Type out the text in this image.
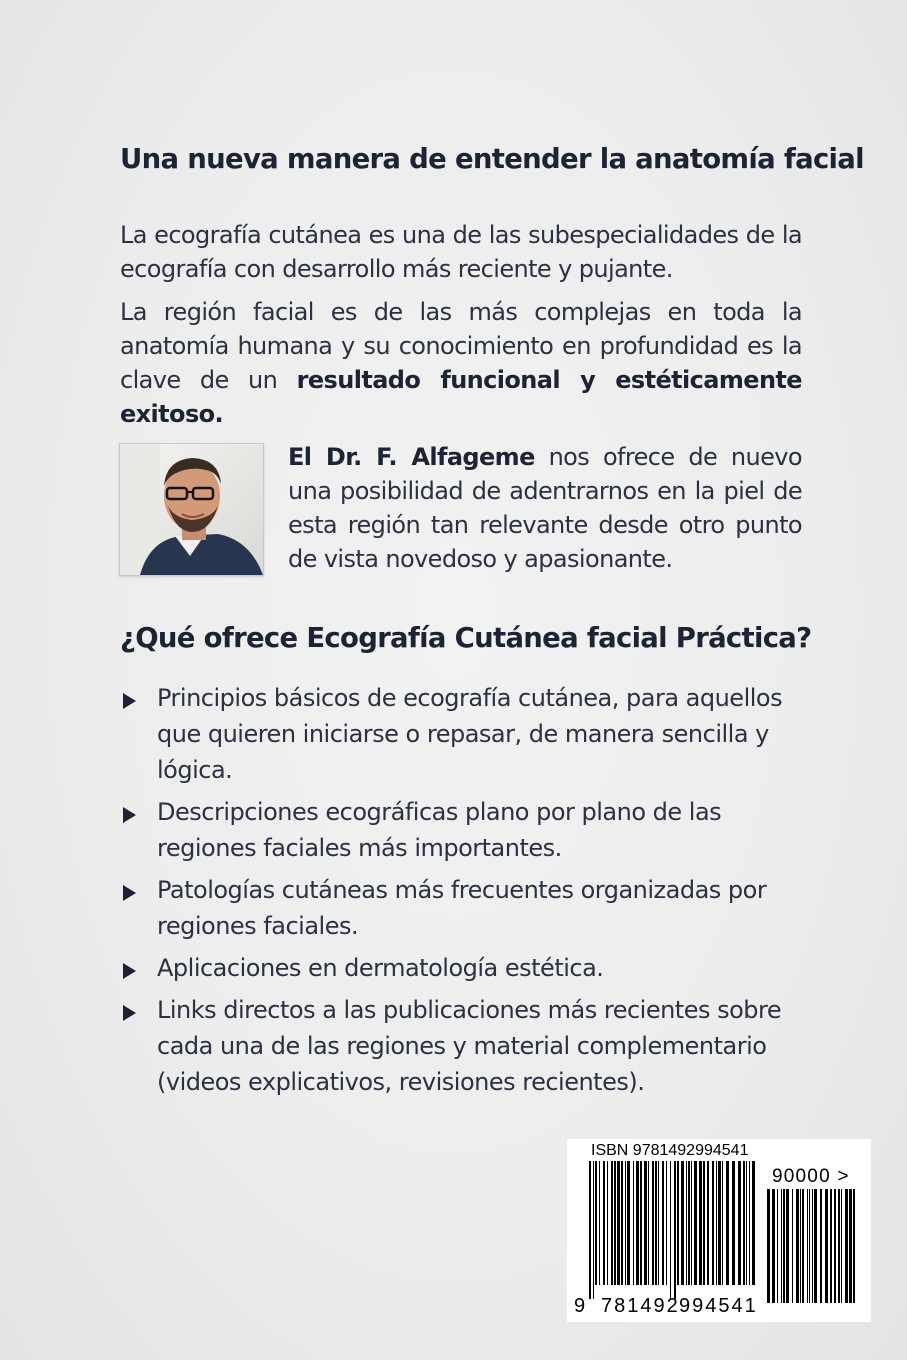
Una nueva manera de entender la anatomía facial

La ecografía cutánea es una de las subespecialidades de la ecografía con desarrollo más reciente y pujante.

La región facial es de las más complejas en toda la anatomía humana y su conocimiento en profundidad es la clave de un resultado funcional y estéticamente exitoso.

El Dr. F. Alfageme nos ofrece de nuevo una posibilidad de adentrarnos en la piel de esta región tan relevante desde otro punto de vista novedoso y apasionante.

¿Qué ofrece Ecografía Cutánea facial Práctica?
Principios básicos de ecografía cutánea, para aquellos que quieren iniciarse o repasar, de manera sencilla y lógica.
Descripciones ecográficas plano por plano de las regiones faciales más importantes.
Patologías cutáneas más frecuentes organizadas por regiones faciales.
Aplicaciones en dermatología estética.
Links directos a las publicaciones más recientes sobre cada una de las regiones y material complementario (videos explicativos, revisiones recientes).
ISBN 9781492994541
90000 >
9 781492 994541
